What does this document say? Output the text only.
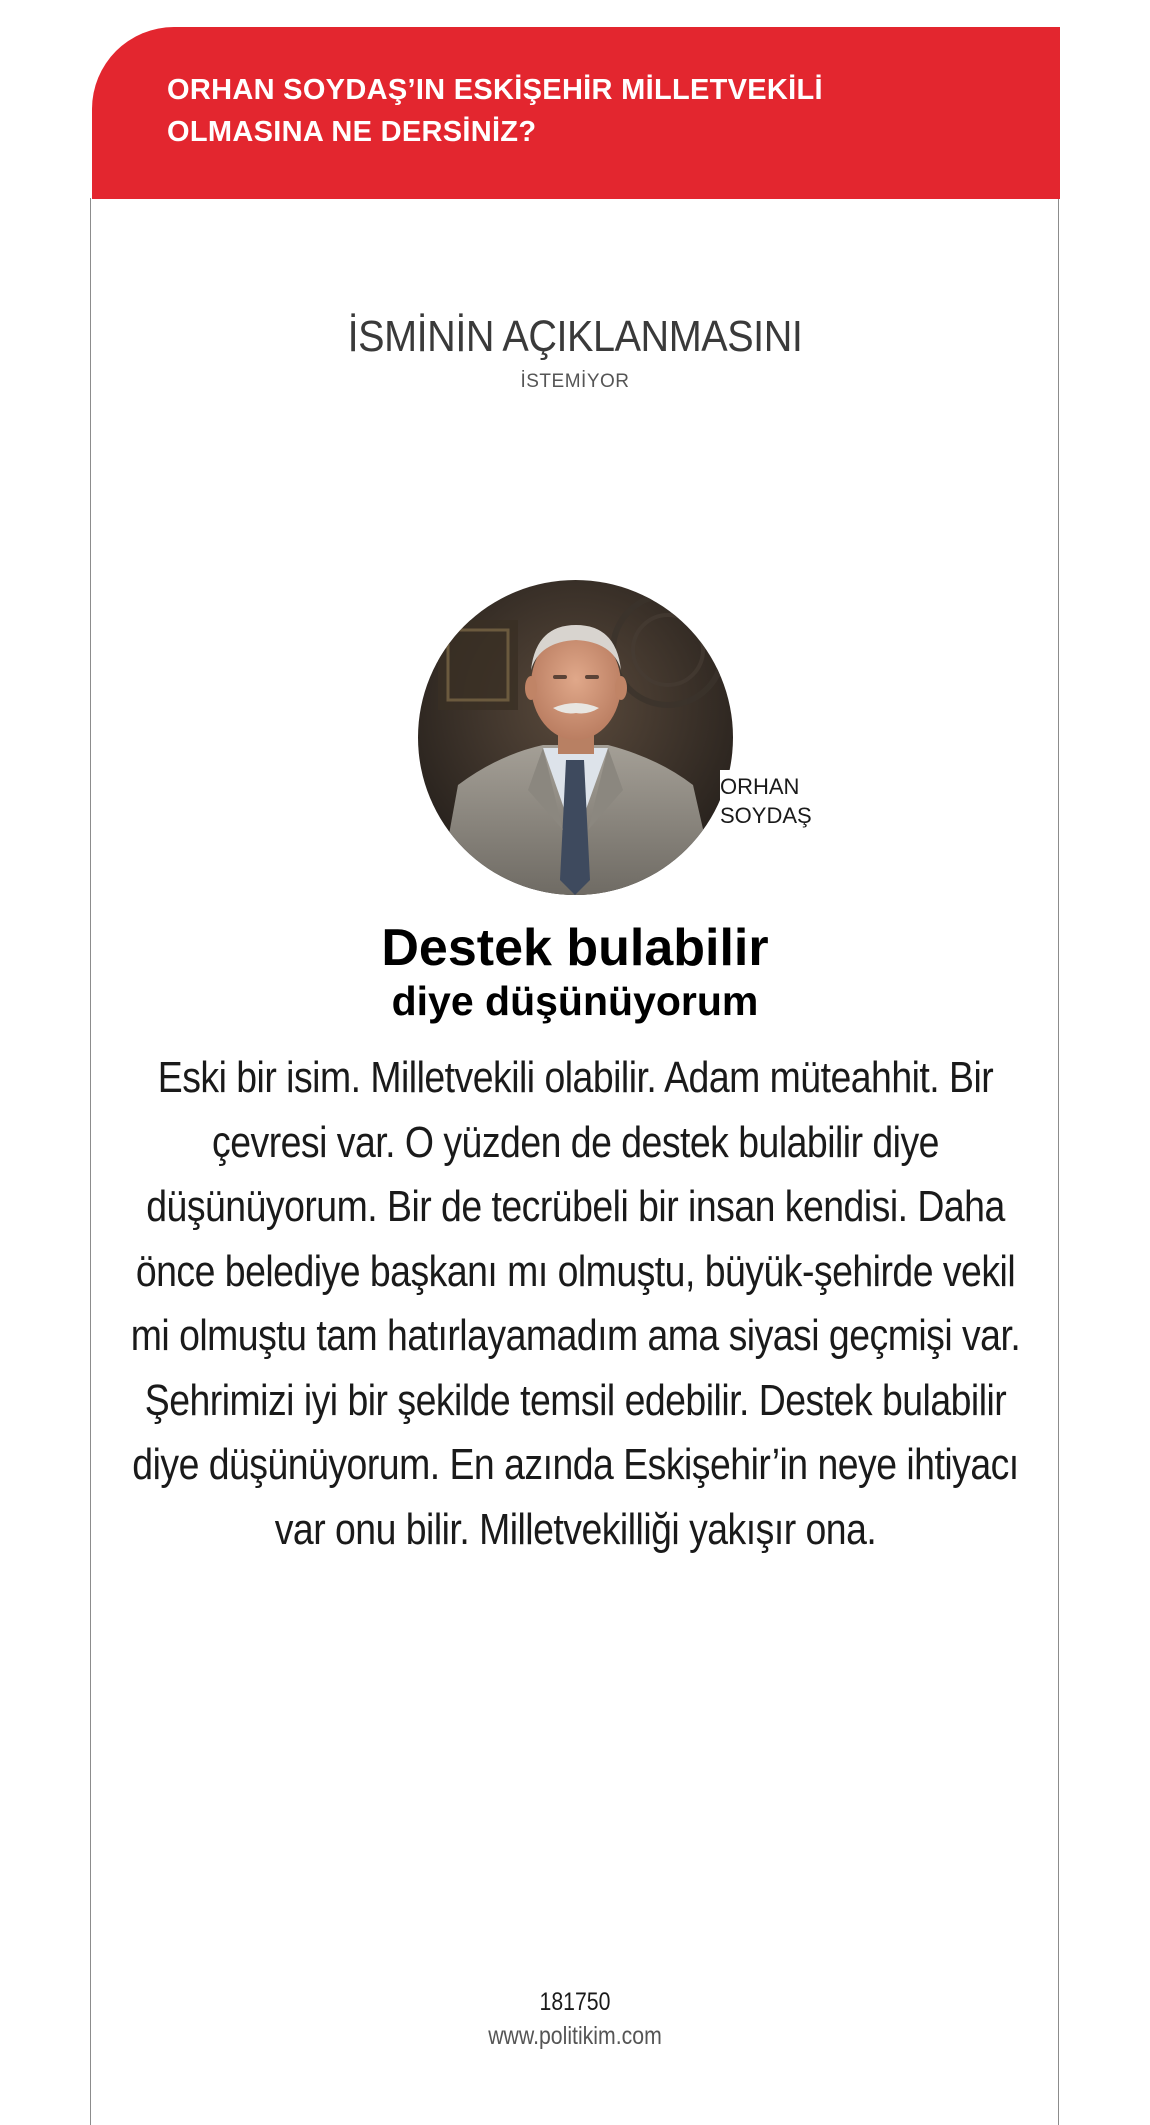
ORHAN SOYDAŞ’IN ESKİŞEHİR MİLLETVEKİLİ OLMASINA NE DERSİNİZ?

İSMİNİN AÇIKLANMASINI
İSTEMİYOR
ORHAN
SOYDAŞ
Destek bulabilir
diye düşünüyorum
Eski bir isim. Milletvekili olabilir. Adam müteahhit. Bir çevresi var. O yüzden de destek bulabilir diye düşünüyorum. Bir de tecrübeli bir insan kendisi. Daha önce belediye başkanı mı olmuştu, büyük-şehirde vekil mi olmuştu tam hatırlayamadım ama siyasi geçmişi var. Şehrimizi iyi bir şekilde temsil edebilir. Destek bulabilir diye düşünüyorum. En azında Eskişehir’in neye ihtiyacı var onu bilir. Milletvekilliği yakışır ona.
181750
www.politikim.com
